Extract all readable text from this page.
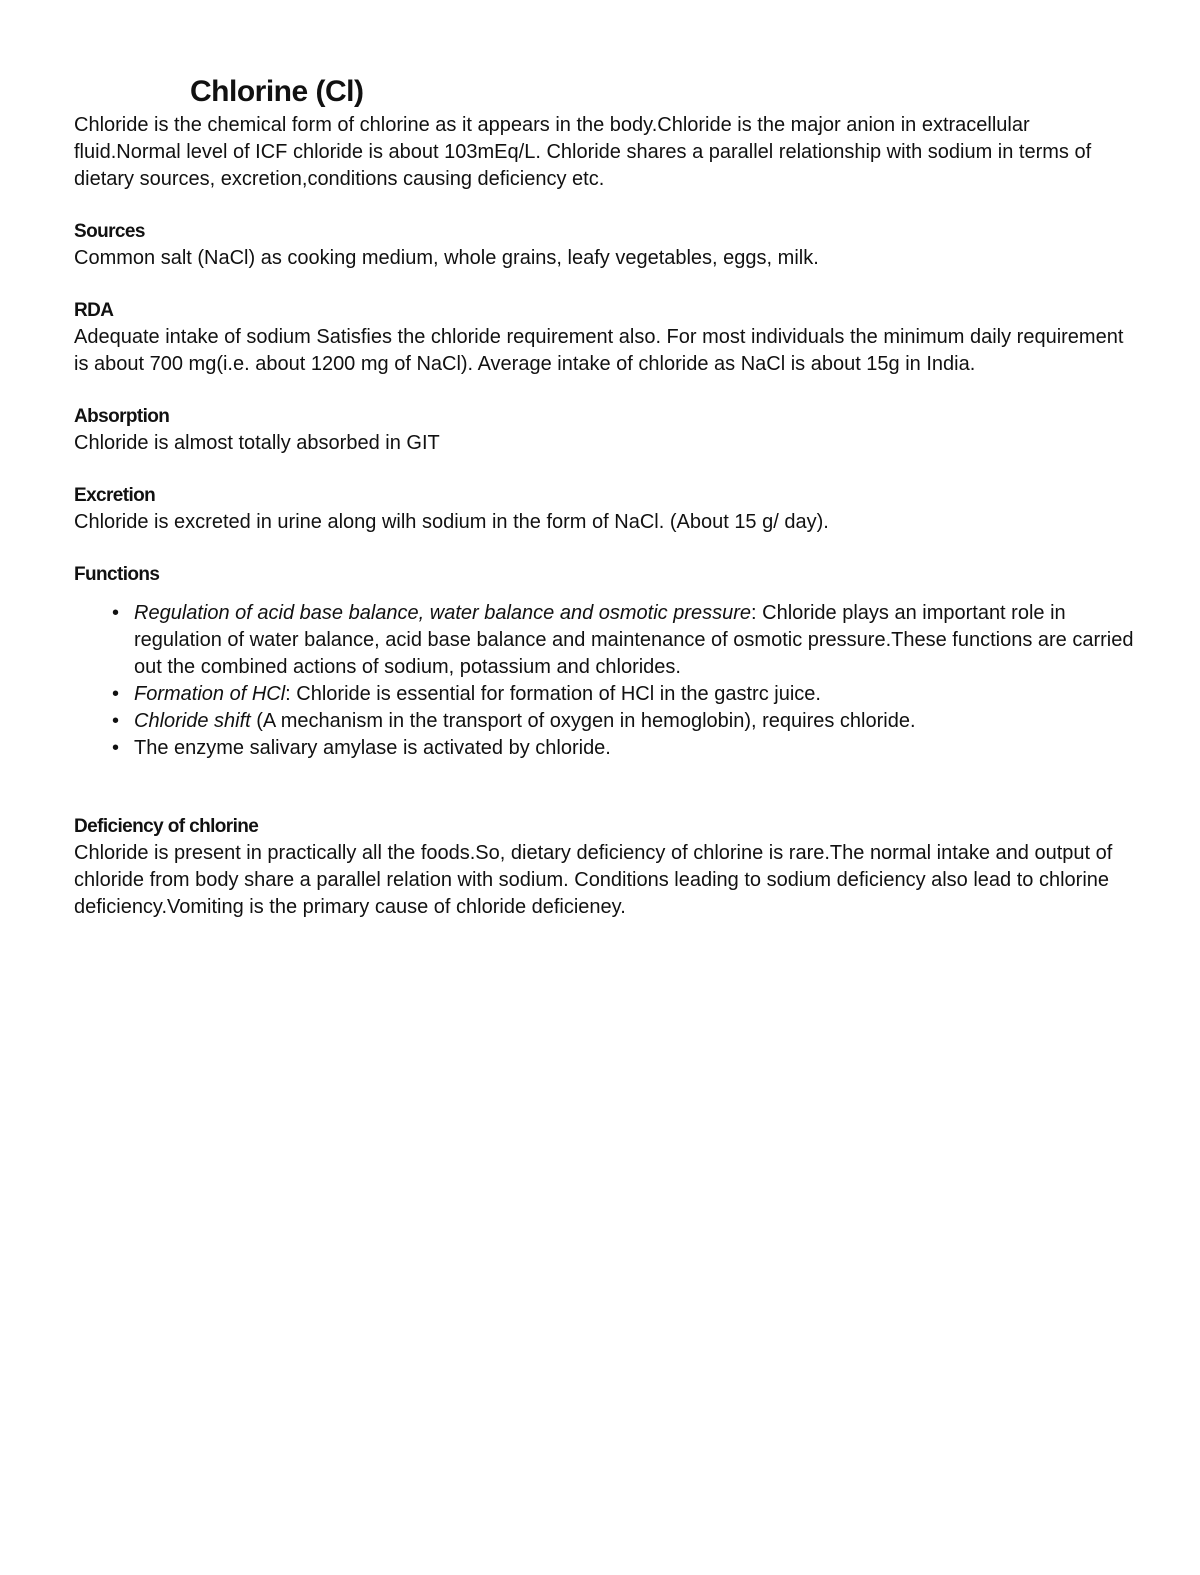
Chlorine (Cl)

Chloride is the chemical form of chlorine as it appears in the body.Chloride is the major anion in extracellular fluid.Normal level of ICF chloride is about 103mEq/L. Chloride shares a parallel relationship with sodium in terms of dietary sources, excretion,conditions causing deficiency etc.

Sources

Common salt (NaCl) as cooking medium, whole grains, leafy vegetables, eggs, milk.

RDA

Adequate intake of sodium Satisfies the chloride requirement also. For most individuals the minimum daily requirement is about 700 mg(i.e. about 1200 mg of NaCl). Average intake of chloride as NaCl is about 15g in India.

Absorption

Chloride is almost totally absorbed in GIT

Excretion

Chloride is excreted in urine along wilh sodium in the form of NaCl. (About 15 g/ day).

Functions

• Regulation of acid base balance, water balance and osmotic pressure: Chloride plays an important role in regulation of water balance, acid base balance and maintenance of osmotic pressure.These functions are carried out the combined actions of sodium, potassium and chlorides.
• Formation of HCl: Chloride is essential for formation of HCl in the gastrc juice.
• Chloride shift (A mechanism in the transport of oxygen in hemoglobin), requires chloride.
• The enzyme salivary amylase is activated by chloride.

Deficiency of chlorine

Chloride is present in practically all the foods.So, dietary deficiency of chlorine is rare.The normal intake and output of chloride from body share a parallel relation with sodium. Conditions leading to sodium deficiency also lead to chlorine deficiency.Vomiting is the primary cause of chloride deficieney.
